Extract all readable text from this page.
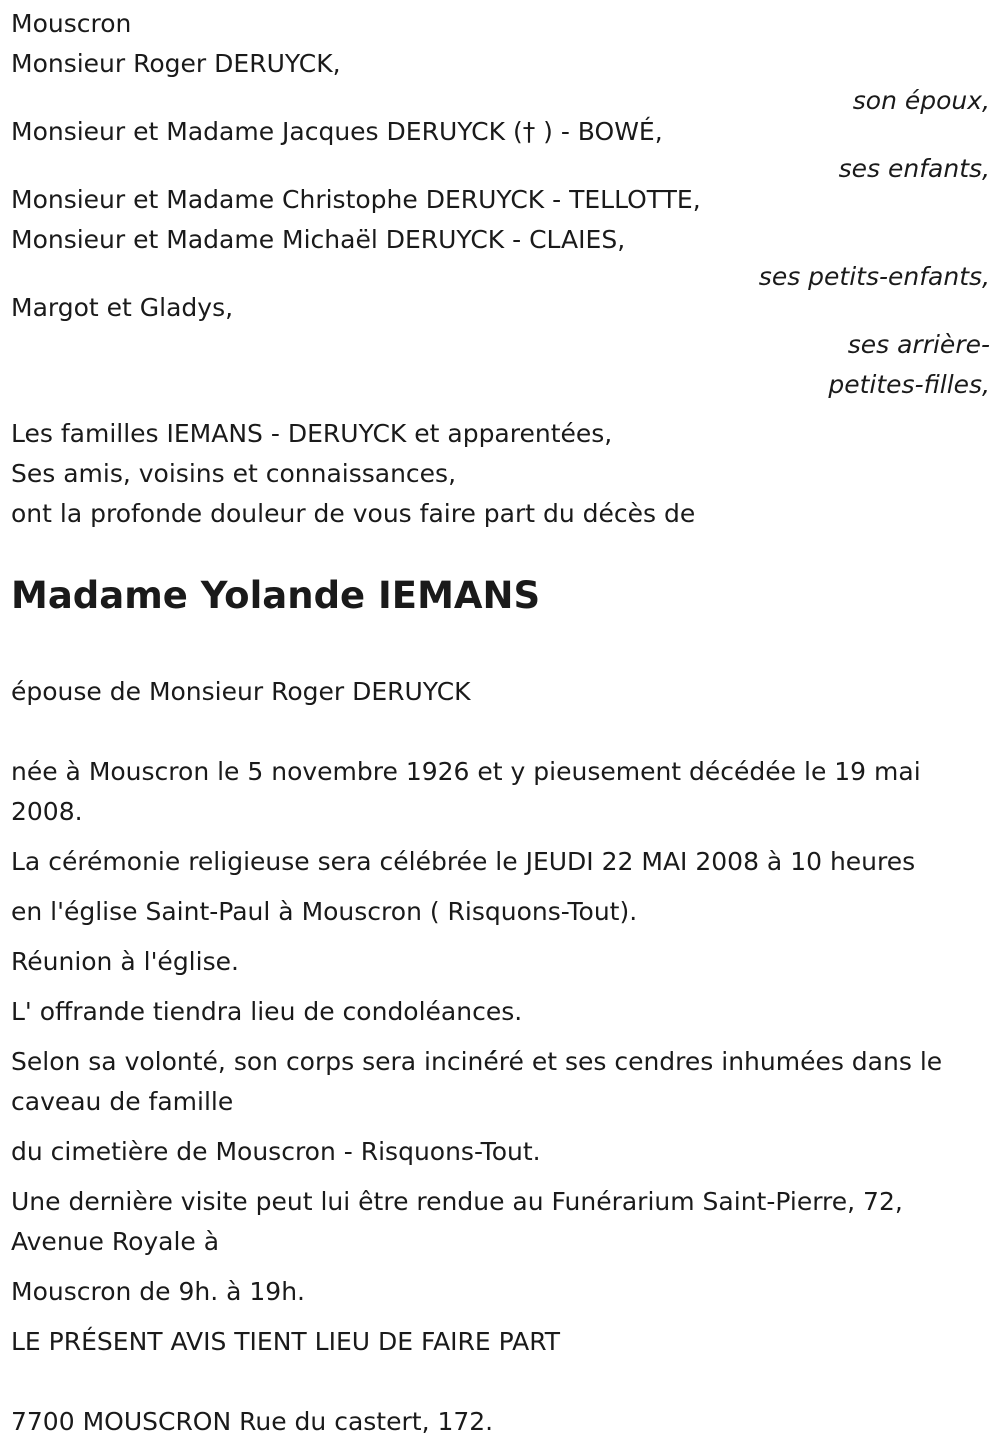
Mouscron

Monsieur Roger DERUYCK,

son époux,

Monsieur et Madame Jacques DERUYCK († ) - BOWÉ,

ses enfants,

Monsieur et Madame Christophe DERUYCK - TELLOTTE,

Monsieur et Madame Michaël DERUYCK - CLAIES,

ses petits-enfants,

Margot et Gladys,

ses arrière-petites-filles,

Les familles IEMANS - DERUYCK et apparentées,

Ses amis, voisins et connaissances,

ont la profonde douleur de vous faire part du décès de

Madame Yolande IEMANS

épouse de Monsieur Roger DERUYCK

née à Mouscron le 5 novembre 1926 et y pieusement décédée le 19 mai 2008.

La cérémonie religieuse sera célébrée le JEUDI 22 MAI 2008 à 10 heures

en l'église Saint-Paul à Mouscron ( Risquons-Tout).

Réunion à l'église.

L' offrande tiendra lieu de condoléances.

Selon sa volonté, son corps sera inciné́ré et ses cendres inhumées dans le caveau de famille

du cimetière de Mouscron - Risquons-Tout.

Une dernière visite peut lui être rendue au Funérarium Saint-Pierre, 72, Avenue Royale à

Mouscron de 9h. à 19h.

LE PRÉSENT AVIS TIENT LIEU DE FAIRE PART

7700 MOUSCRON Rue du castert, 172.
